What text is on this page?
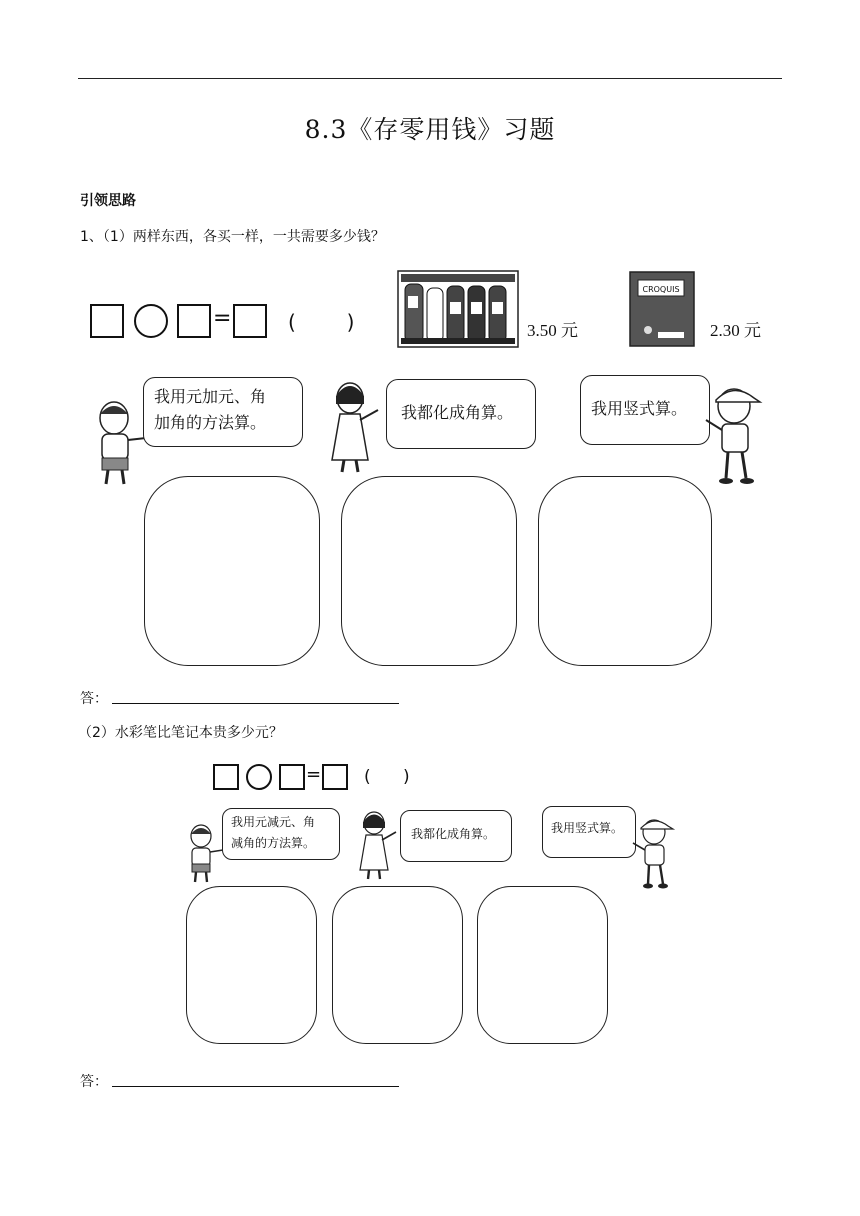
8.3《存零用钱》习题
引领思路
1、（1）两样东西，各买一样，一共需要多少钱？
=	(        )	3.50 元
CROQUIS
2.30 元
我用元加元、角
加角的方法算。
我都化成角算。	我用竖式算。
答：
（2）水彩笔比笔记本贵多少元？
=	(      )
我用元减元、角
减角的方法算。
我都化成角算。	我用竖式算。
答：
